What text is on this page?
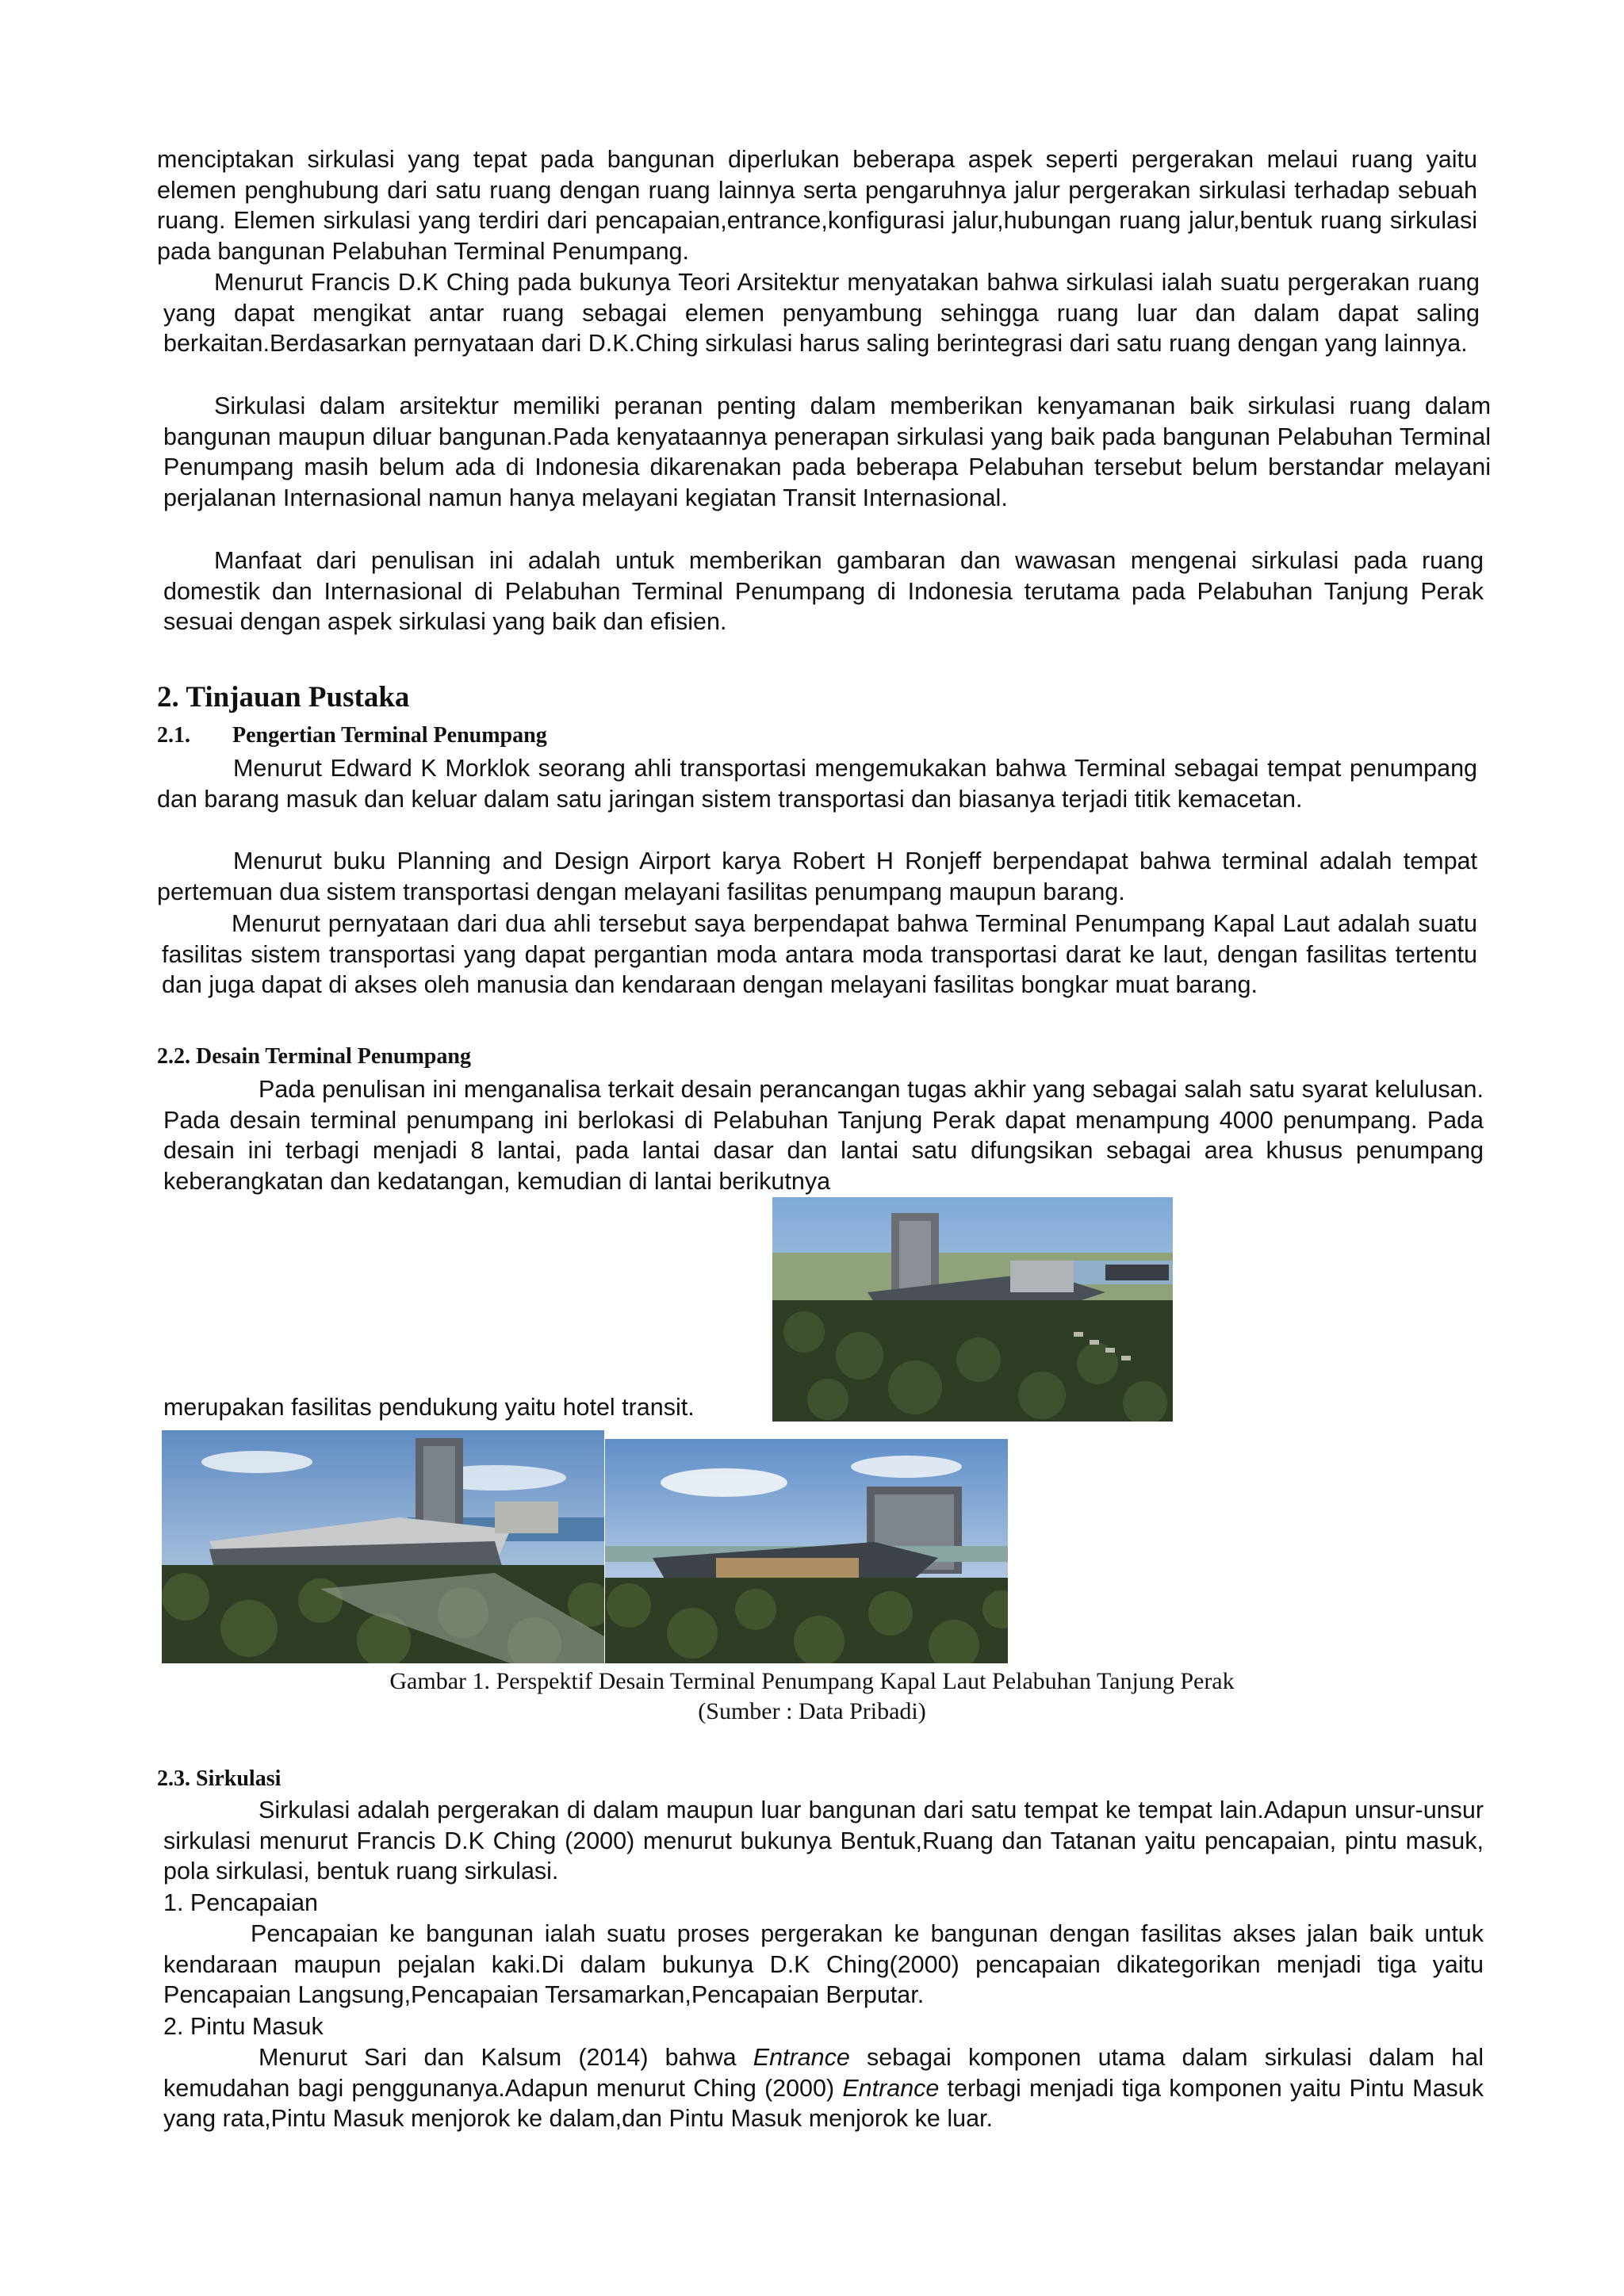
menciptakan sirkulasi yang tepat pada bangunan diperlukan beberapa aspek seperti pergerakan melaui ruang yaitu elemen penghubung dari satu ruang dengan ruang lainnya serta pengaruhnya jalur pergerakan sirkulasi terhadap sebuah ruang. Elemen sirkulasi yang terdiri dari pencapaian,entrance,konfigurasi jalur,hubungan ruang jalur,bentuk ruang sirkulasi pada bangunan Pelabuhan Terminal Penumpang.

Menurut Francis D.K Ching pada bukunya Teori Arsitektur menyatakan bahwa sirkulasi ialah suatu pergerakan ruang yang dapat mengikat antar ruang sebagai elemen penyambung sehingga ruang luar dan dalam dapat saling berkaitan.Berdasarkan pernyataan dari D.K.Ching sirkulasi harus saling berintegrasi dari satu ruang dengan yang lainnya.

Sirkulasi dalam arsitektur memiliki peranan penting dalam memberikan kenyamanan baik sirkulasi ruang dalam bangunan maupun diluar bangunan.Pada kenyataannya penerapan sirkulasi yang baik pada bangunan Pelabuhan Terminal Penumpang masih belum ada di Indonesia dikarenakan pada beberapa Pelabuhan tersebut belum berstandar melayani perjalanan Internasional namun hanya melayani kegiatan Transit Internasional.

Manfaat dari penulisan ini adalah untuk memberikan gambaran dan wawasan mengenai sirkulasi pada ruang domestik dan Internasional di Pelabuhan Terminal Penumpang di Indonesia terutama pada Pelabuhan Tanjung Perak sesuai dengan aspek sirkulasi yang baik dan efisien.

2. Tinjauan Pustaka
2.1. Pengertian Terminal Penumpang

Menurut Edward K Morklok seorang ahli transportasi mengemukakan bahwa Terminal sebagai tempat penumpang dan barang masuk dan keluar dalam satu jaringan sistem transportasi dan biasanya terjadi titik kemacetan.

Menurut buku Planning and Design Airport karya Robert H Ronjeff berpendapat bahwa terminal adalah tempat pertemuan dua sistem transportasi dengan melayani fasilitas penumpang maupun barang.

Menurut pernyataan dari dua ahli tersebut saya berpendapat bahwa Terminal Penumpang Kapal Laut adalah suatu fasilitas sistem transportasi yang dapat pergantian moda antara moda transportasi darat ke laut, dengan fasilitas tertentu dan juga dapat di akses oleh manusia dan kendaraan dengan melayani fasilitas bongkar muat barang.

2.2. Desain Terminal Penumpang

Pada penulisan ini menganalisa terkait desain perancangan tugas akhir yang sebagai salah satu syarat kelulusan. Pada desain terminal penumpang ini berlokasi di Pelabuhan Tanjung Perak dapat menampung 4000 penumpang. Pada desain ini terbagi menjadi 8 lantai, pada lantai dasar dan lantai satu difungsikan sebagai area khusus penumpang keberangkatan dan kedatangan, kemudian di lantai berikutnya

merupakan fasilitas pendukung yaitu hotel transit.

Gambar 1. Perspektif Desain Terminal Penumpang Kapal Laut Pelabuhan Tanjung Perak
(Sumber : Data Pribadi)
2.3. Sirkulasi

Sirkulasi adalah pergerakan di dalam maupun luar bangunan dari satu tempat ke tempat lain.Adapun unsur-unsur sirkulasi menurut Francis D.K Ching (2000) menurut bukunya Bentuk,Ruang dan Tatanan yaitu pencapaian, pintu masuk, pola sirkulasi, bentuk ruang sirkulasi.

1. Pencapaian

Pencapaian ke bangunan ialah suatu proses pergerakan ke bangunan dengan fasilitas akses jalan baik untuk kendaraan maupun pejalan kaki.Di dalam bukunya D.K Ching(2000) pencapaian dikategorikan menjadi tiga yaitu Pencapaian Langsung,Pencapaian Tersamarkan,Pencapaian Berputar.

2. Pintu Masuk

Menurut Sari dan Kalsum (2014) bahwa Entrance sebagai komponen utama dalam sirkulasi dalam hal kemudahan bagi penggunanya.Adapun menurut Ching (2000) Entrance terbagi menjadi tiga komponen yaitu Pintu Masuk yang rata,Pintu Masuk menjorok ke dalam,dan Pintu Masuk menjorok ke luar.
